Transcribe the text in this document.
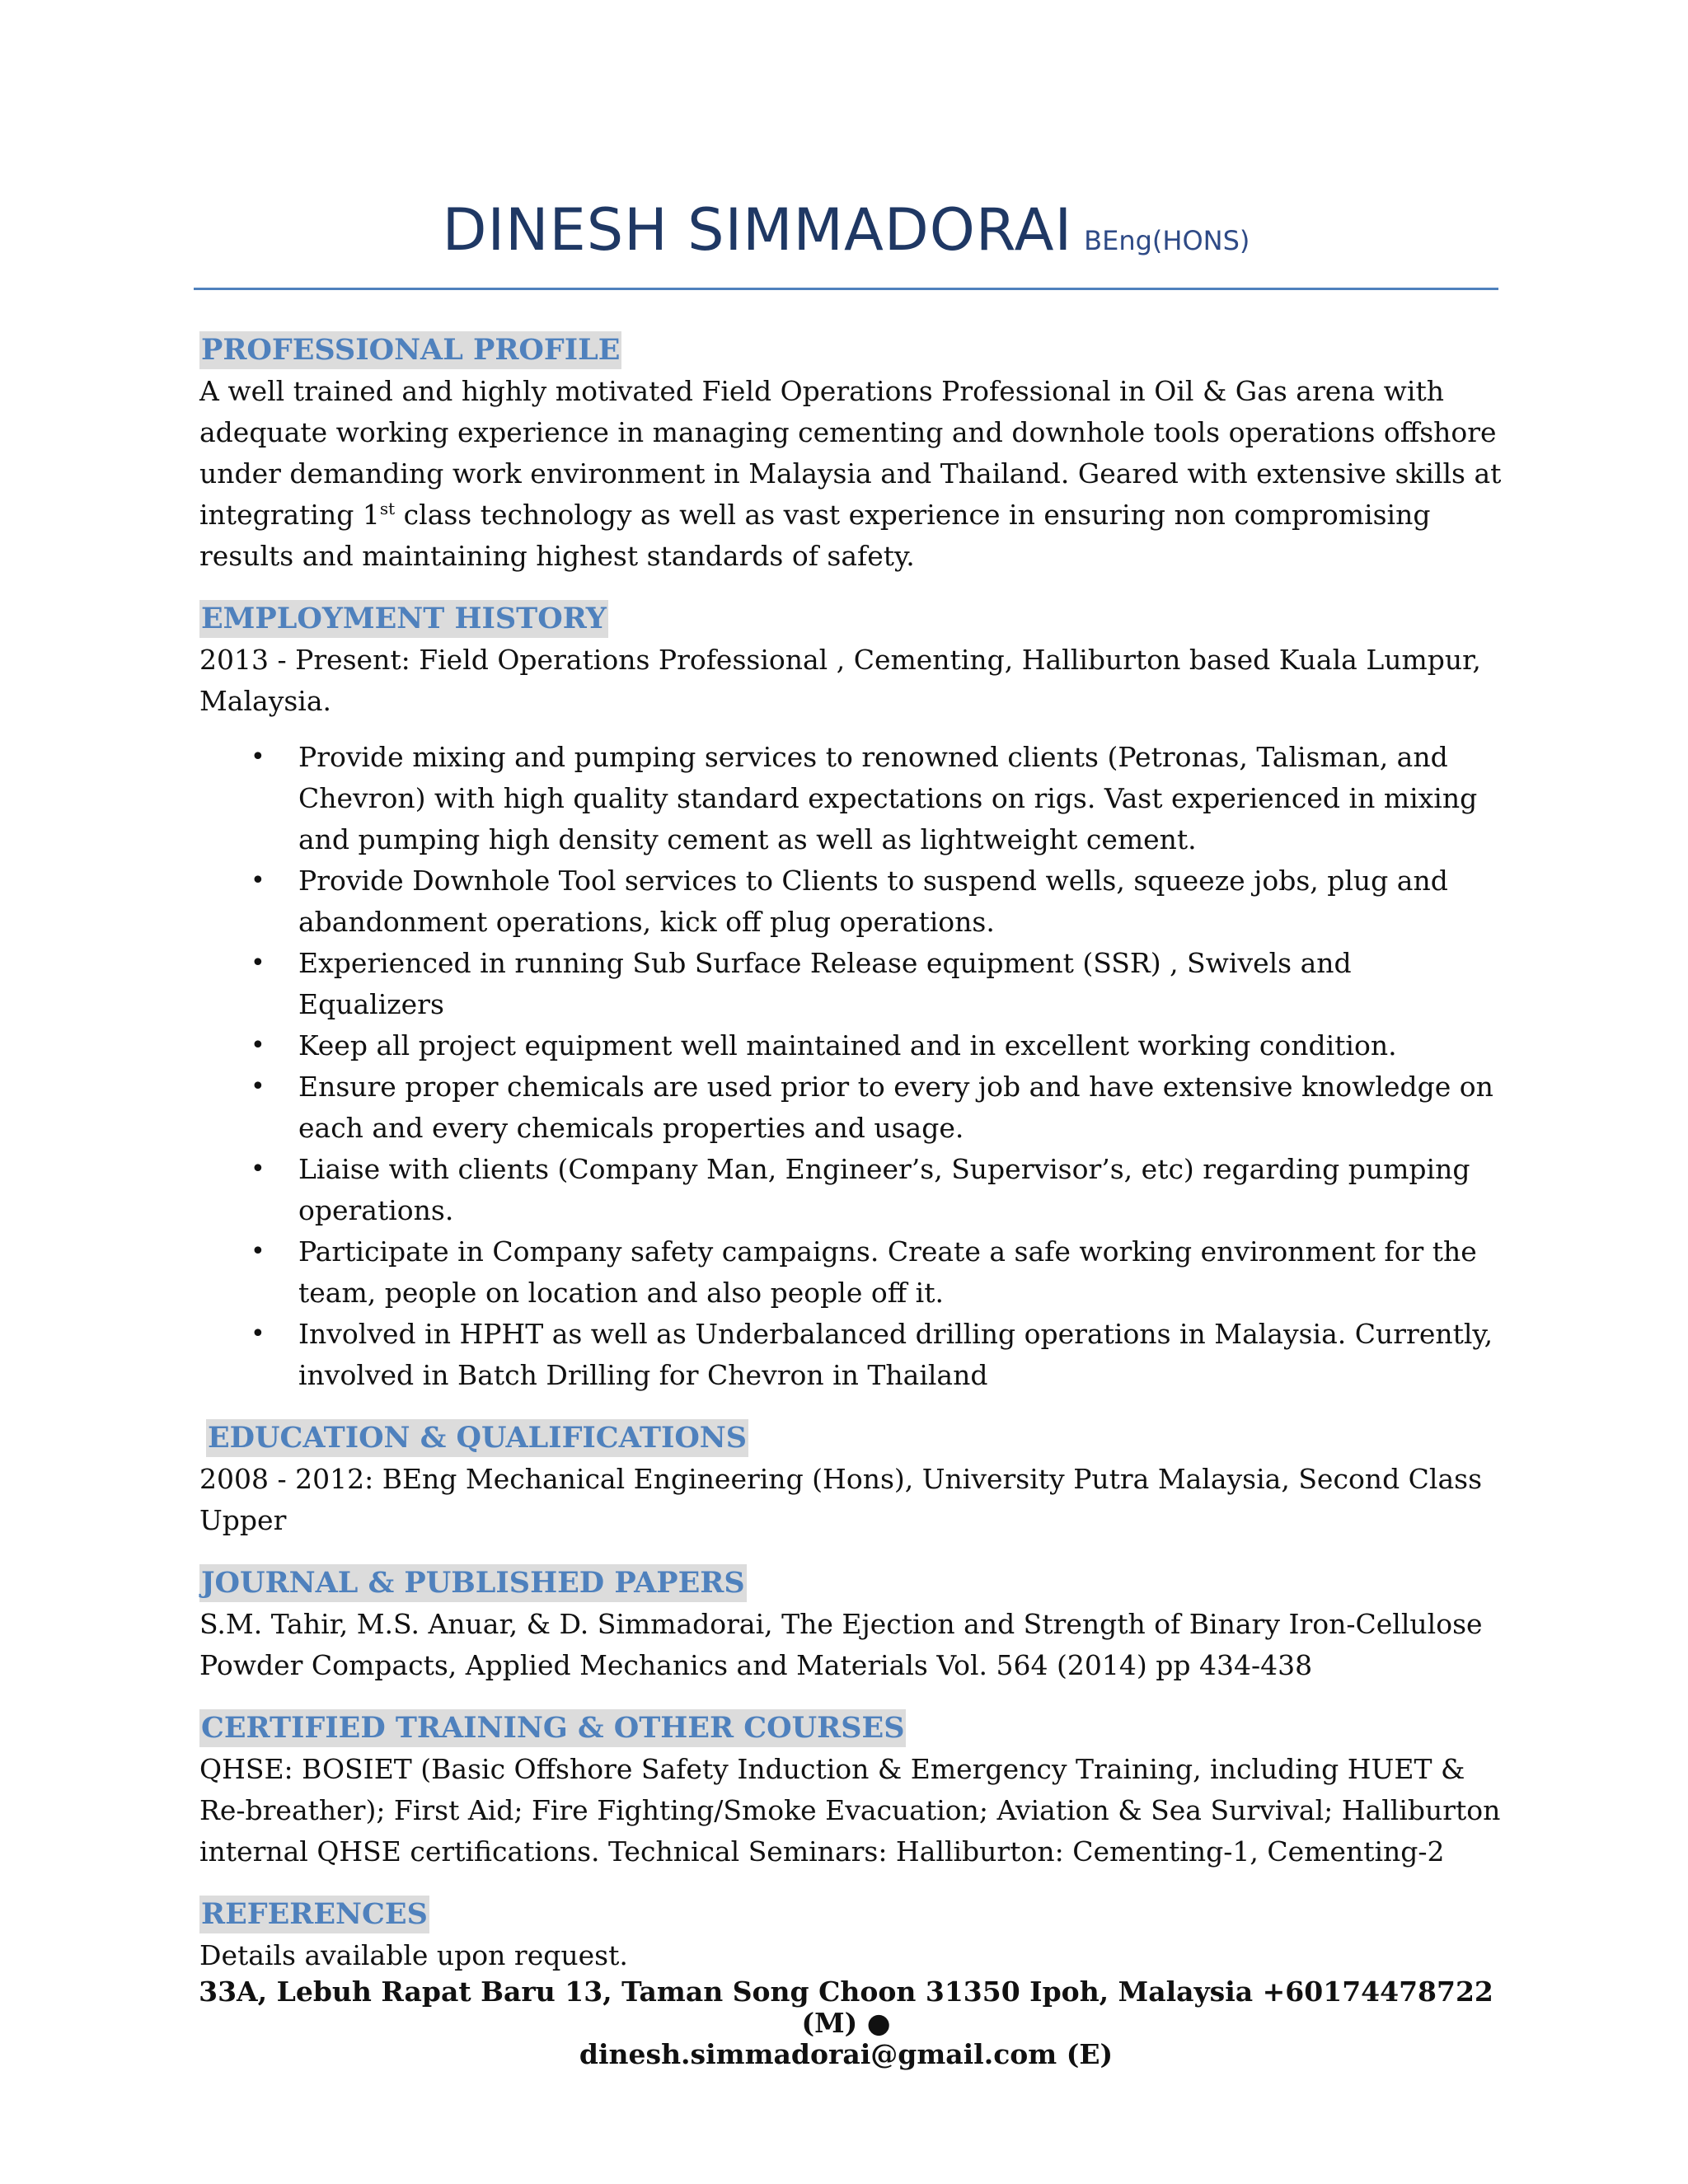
DINESH SIMMADORAI BEng(HONS)
PROFESSIONAL PROFILE

A well trained and highly motivated Field Operations Professional in Oil & Gas arena with adequate working experience in managing cementing and downhole tools operations offshore under demanding work environment in Malaysia and Thailand. Geared with extensive skills at integrating 1st class technology as well as vast experience in ensuring non compromising results and maintaining highest standards of safety.

EMPLOYMENT HISTORY

2013 - Present: Field Operations Professional , Cementing, Halliburton based Kuala Lumpur, Malaysia.

• Provide mixing and pumping services to renowned clients (Petronas, Talisman, and Chevron) with high quality standard expectations on rigs. Vast experienced in mixing and pumping high density cement as well as lightweight cement.
• Provide Downhole Tool services to Clients to suspend wells, squeeze jobs, plug and abandonment operations, kick off plug operations.
• Experienced in running Sub Surface Release equipment (SSR) , Swivels and Equalizers
• Keep all project equipment well maintained and in excellent working condition.
• Ensure proper chemicals are used prior to every job and have extensive knowledge on each and every chemicals properties and usage.
• Liaise with clients (Company Man, Engineer’s, Supervisor’s, etc) regarding pumping operations.
• Participate in Company safety campaigns. Create a safe working environment for the team, people on location and also people off it.
• Involved in HPHT as well as Underbalanced drilling operations in Malaysia. Currently, involved in Batch Drilling for Chevron in Thailand
EDUCATION & QUALIFICATIONS

2008 - 2012: BEng Mechanical Engineering (Hons), University Putra Malaysia, Second Class Upper

JOURNAL & PUBLISHED PAPERS

S.M. Tahir, M.S. Anuar, & D. Simmadorai, The Ejection and Strength of Binary Iron-Cellulose Powder Compacts, Applied Mechanics and Materials Vol. 564 (2014) pp 434-438

CERTIFIED TRAINING & OTHER COURSES

QHSE: BOSIET (Basic Offshore Safety Induction & Emergency Training, including HUET & Re-breather); First Aid; Fire Fighting/Smoke Evacuation; Aviation & Sea Survival; Halliburton internal QHSE certifications. Technical Seminars: Halliburton: Cementing-1, Cementing-2

REFERENCES

Details available upon request.

33A, Lebuh Rapat Baru 13, Taman Song Choon 31350 Ipoh, Malaysia +60174478722 (M) ●
dinesh.simmadorai@gmail.com (E)
